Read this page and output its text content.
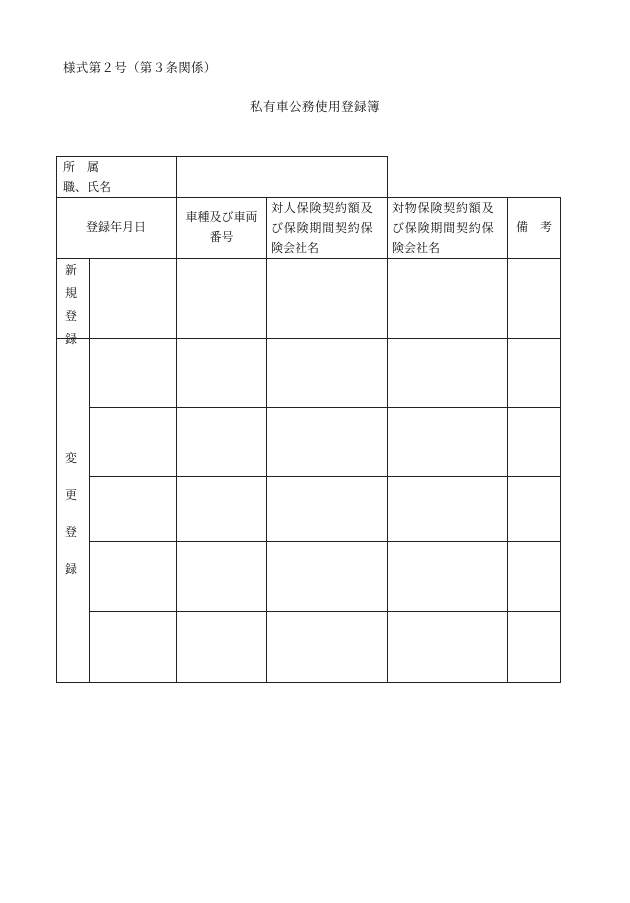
様式第２号（第３条関係）
私有車公務使用登録簿
所　属
職、氏名
登録年月日
車種及び車両
番号
対人保険契約額及
び保険期間契約保
険会社名
対物保険契約額及
び保険期間契約保
険会社名
備　考
新
規
登
録
変
更
登
録
